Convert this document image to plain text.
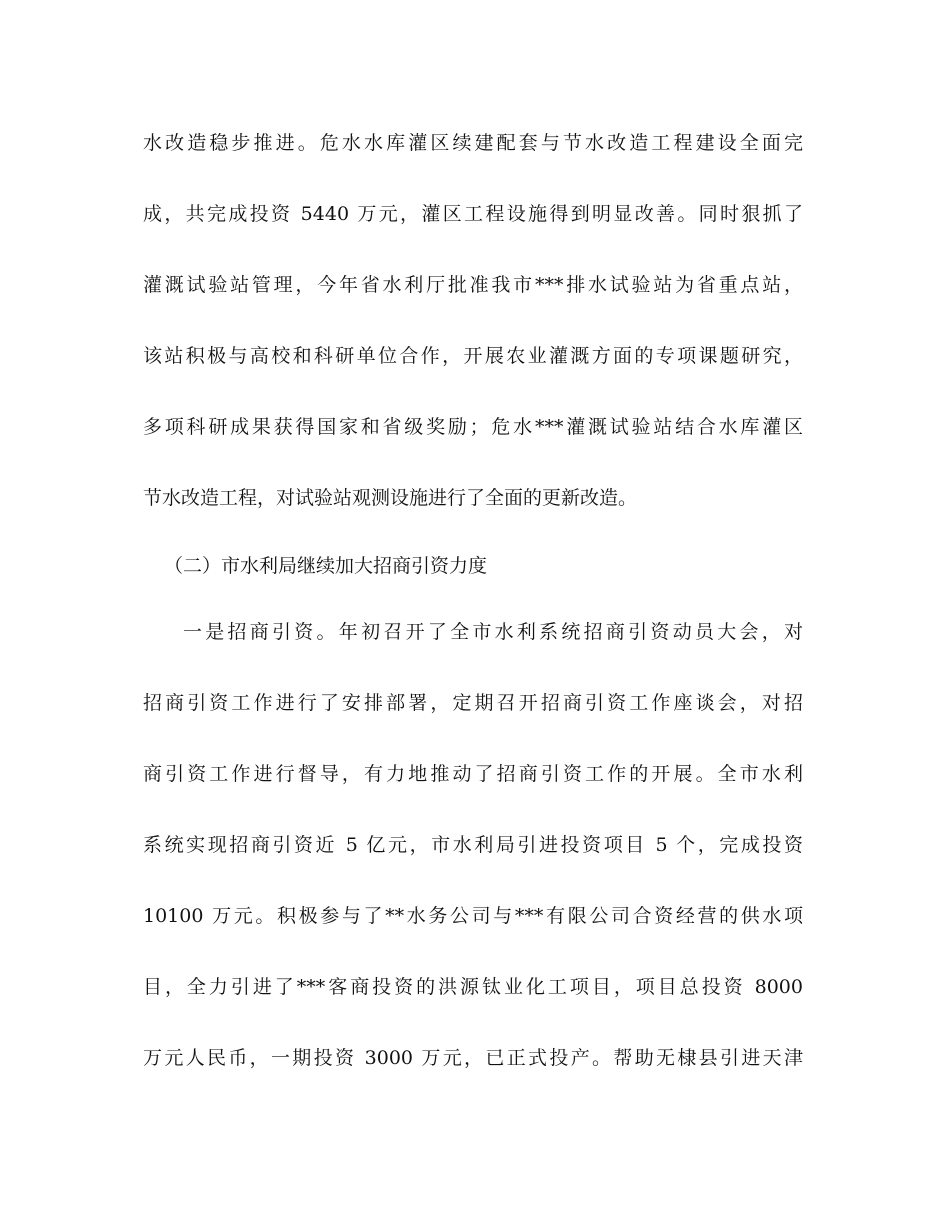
水改造稳步推进。危水水库灌区续建配套与节水改造工程建设全面完
成，共完成投资 5440 万元，灌区工程设施得到明显改善。同时狠抓了
灌溉试验站管理，今年省水利厅批准我市***排水试验站为省重点站，
该站积极与高校和科研单位合作，开展农业灌溉方面的专项课题研究，
多项科研成果获得国家和省级奖励；危水***灌溉试验站结合水库灌区
节水改造工程，对试验站观测设施进行了全面的更新改造。
（二）市水利局继续加大招商引资力度
一是招商引资。年初召开了全市水利系统招商引资动员大会，对
招商引资工作进行了安排部署，定期召开招商引资工作座谈会，对招
商引资工作进行督导，有力地推动了招商引资工作的开展。全市水利
系统实现招商引资近 5 亿元，市水利局引进投资项目 5 个，完成投资
10100 万元。积极参与了**水务公司与***有限公司合资经营的供水项
目，全力引进了***客商投资的洪源钛业化工项目，项目总投资 8000
万元人民币，一期投资 3000 万元，已正式投产。帮助无棣县引进天津
